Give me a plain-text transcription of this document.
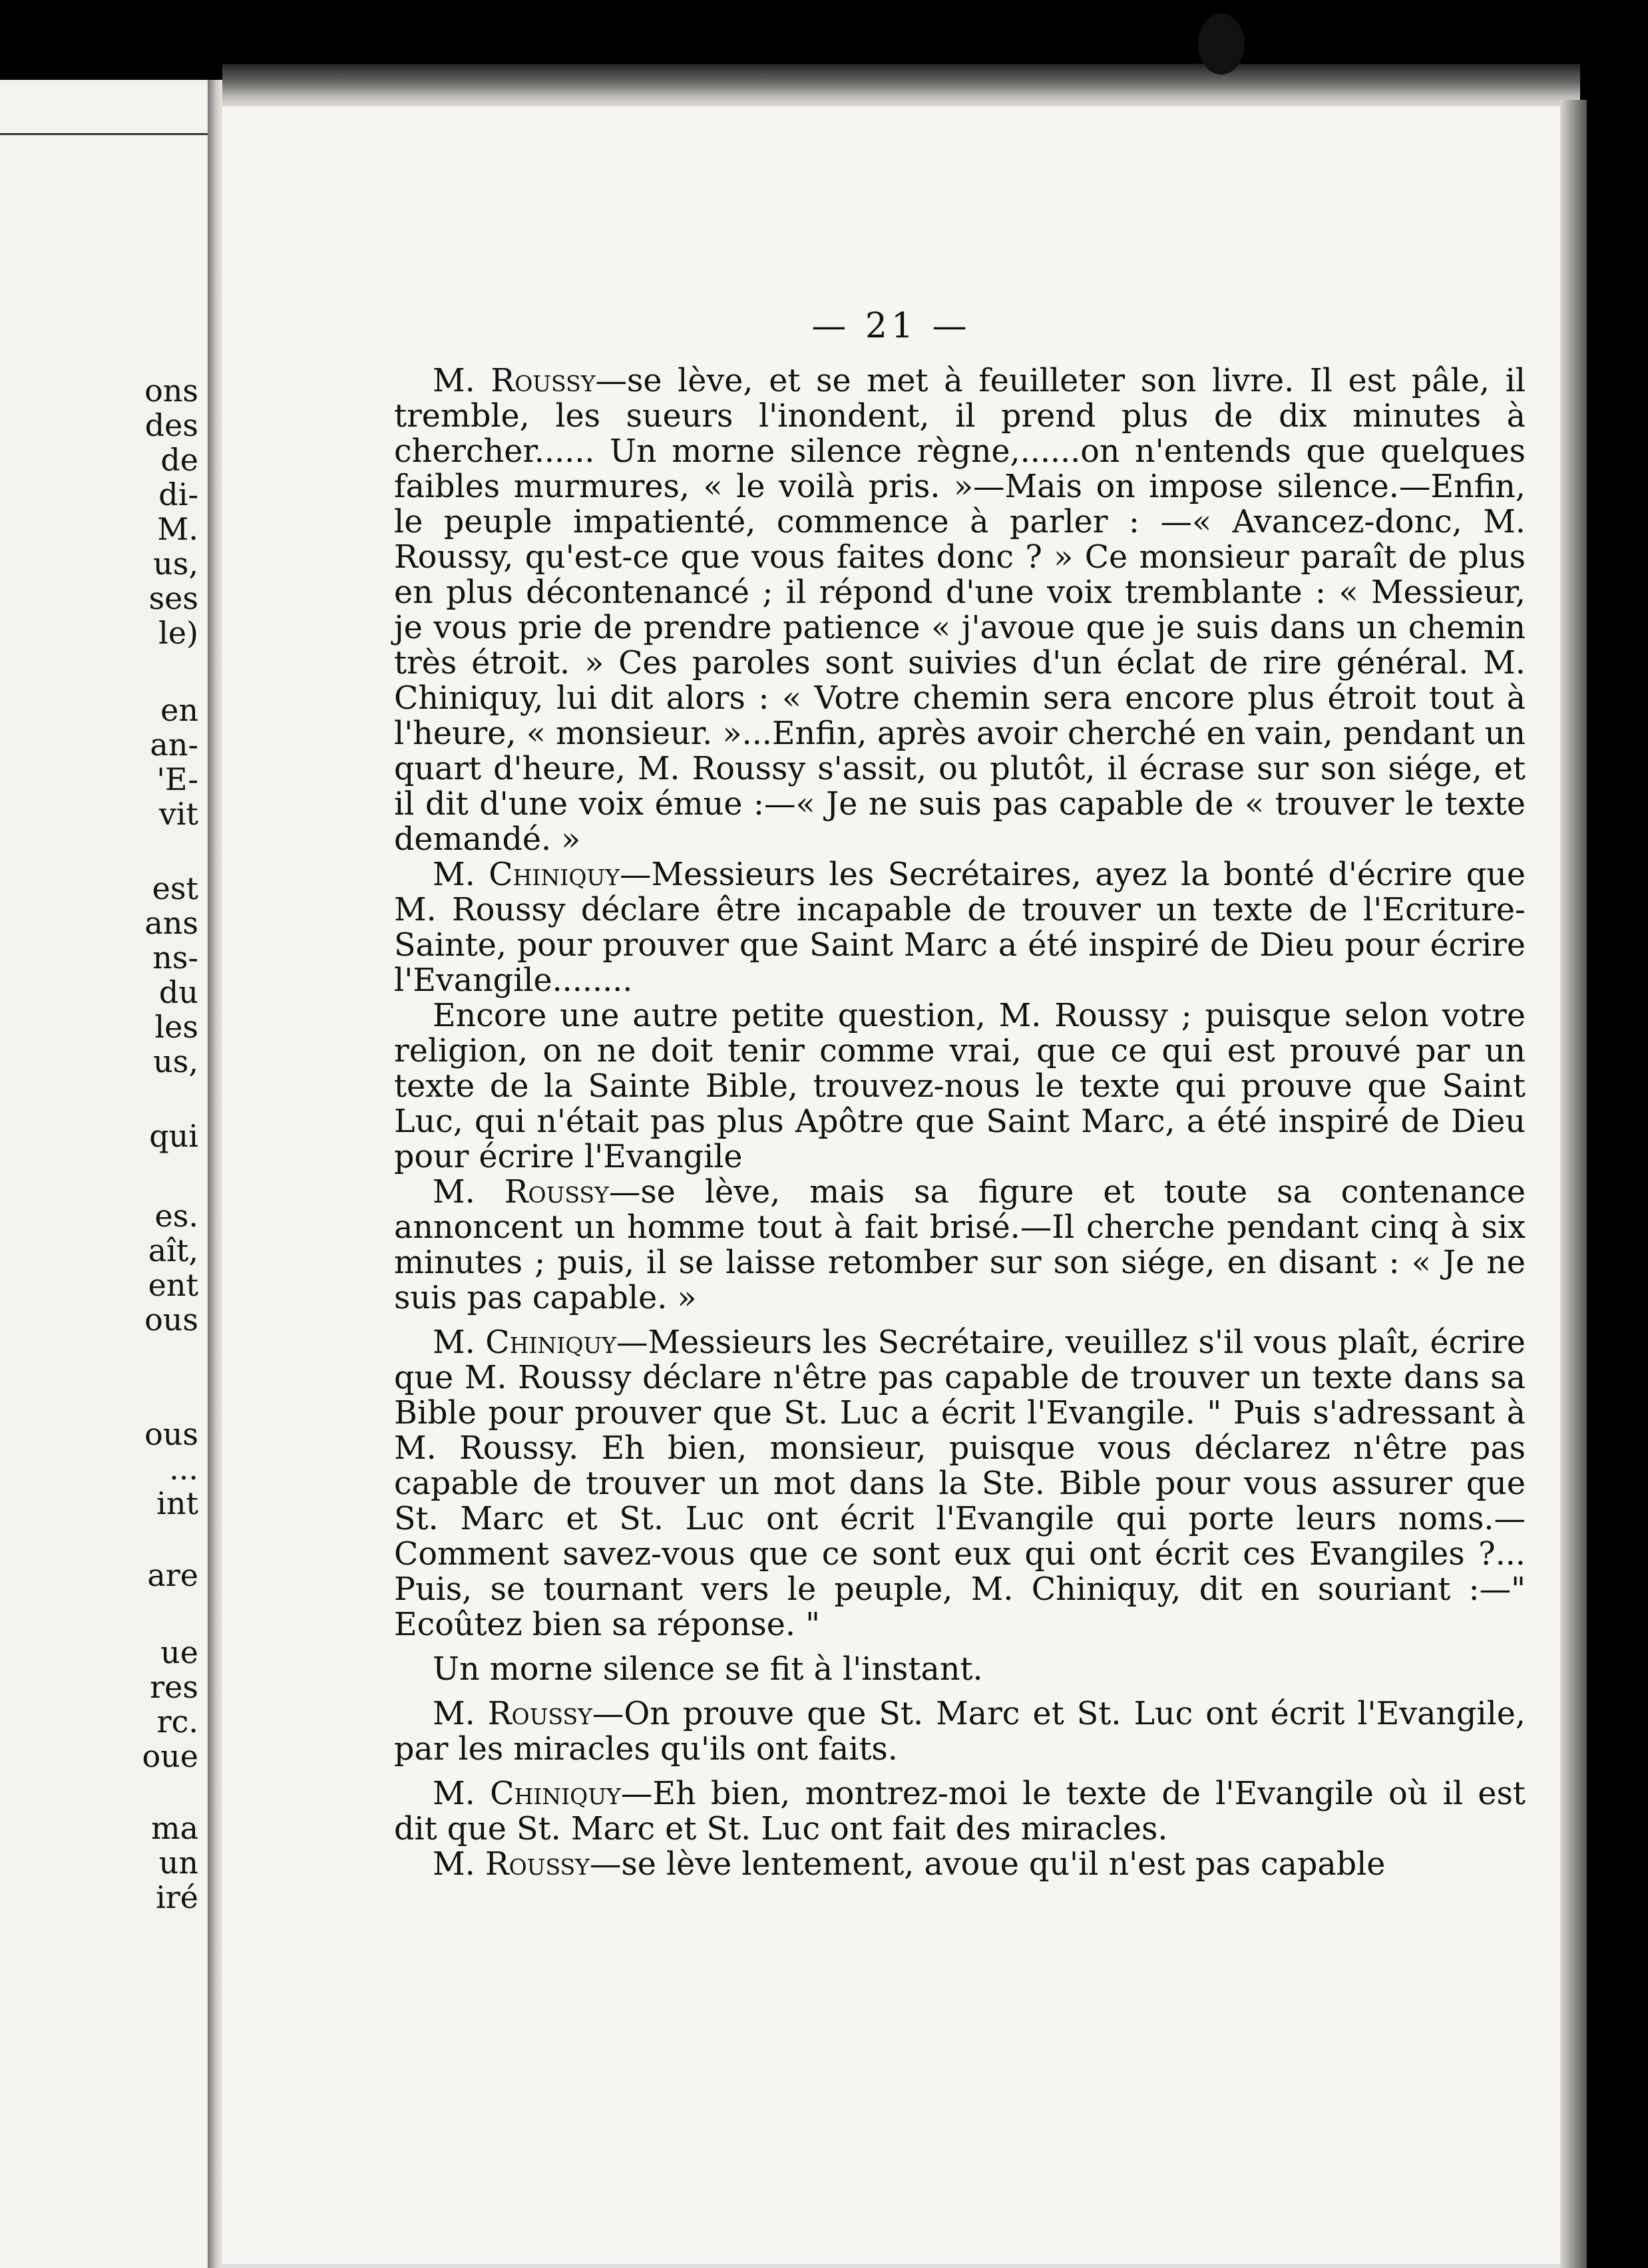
ons
des
de
di-
M.
us,
ses
le)
en
an-
'E-
vit
est
ans
ns-
du
les
us,
qui
es.
aît,
ent
ous
ous
...
int
are
ue
res
rc.
oue
ma
un
iré
— 21 —

M. Roussy—se lève, et se met à feuilleter son livre. Il est pâle, il tremble, les sueurs l'inondent, il prend plus de dix minutes à chercher...... Un morne silence règne,......on n'entends que quelques faibles murmures, « le voilà pris. »—Mais on impose silence.—Enfin, le peuple impatienté, commence à parler : —« Avancez-donc, M. Roussy, qu'est-ce que vous faites donc ? » Ce monsieur paraît de plus en plus décontenancé ; il répond d'une voix tremblante : « Messieur, je vous prie de prendre patience « j'avoue que je suis dans un chemin très étroit. » Ces paroles sont suivies d'un éclat de rire général. M. Chiniquy, lui dit alors : « Votre chemin sera encore plus étroit tout à l'heure, « monsieur. »...Enfin, après avoir cherché en vain, pendant un quart d'heure, M. Roussy s'assit, ou plutôt, il écrase sur son siége, et il dit d'une voix émue :—« Je ne suis pas capable de « trouver le texte demandé. »

M. Chiniquy—Messieurs les Secrétaires, ayez la bonté d'écrire que M. Roussy déclare être incapable de trouver un texte de l'Ecriture-Sainte, pour prouver que Saint Marc a été inspiré de Dieu pour écrire l'Evangile........

Encore une autre petite question, M. Roussy ; puisque selon votre religion, on ne doit tenir comme vrai, que ce qui est prouvé par un texte de la Sainte Bible, trouvez-nous le texte qui prouve que Saint Luc, qui n'était pas plus Apôtre que Saint Marc, a été inspiré de Dieu pour écrire l'Evangile

M. Roussy—se lève, mais sa figure et toute sa contenance annoncent un homme tout à fait brisé.—Il cherche pendant cinq à six minutes ; puis, il se laisse retomber sur son siége, en disant : « Je ne suis pas capable. »

M. Chiniquy—Messieurs les Secrétaire, veuillez s'il vous plaît, écrire que M. Roussy déclare n'être pas capable de trouver un texte dans sa Bible pour prouver que St. Luc a écrit l'Evangile. " Puis s'adressant à M. Roussy. Eh bien, monsieur, puisque vous déclarez n'être pas capable de trouver un mot dans la Ste. Bible pour vous assurer que St. Marc et St. Luc ont écrit l'Evangile qui porte leurs noms.—Comment savez-vous que ce sont eux qui ont écrit ces Evangiles ?... Puis, se tournant vers le peuple, M. Chiniquy, dit en souriant :—" Ecoûtez bien sa réponse. "

Un morne silence se fit à l'instant.

M. Roussy—On prouve que St. Marc et St. Luc ont écrit l'Evangile, par les miracles qu'ils ont faits.

M. Chiniquy—Eh bien, montrez-moi le texte de l'Evangile où il est dit que St. Marc et St. Luc ont fait des miracles.

M. Roussy—se lève lentement, avoue qu'il n'est pas capable
